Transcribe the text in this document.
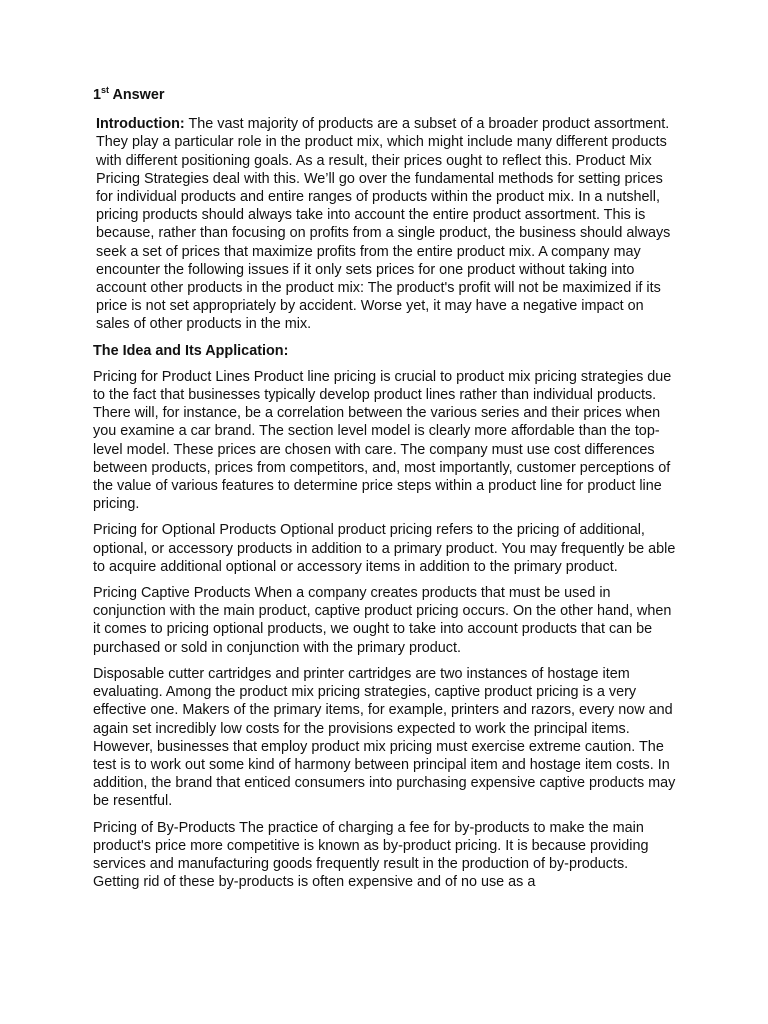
1st Answer

Introduction: The vast majority of products are a subset of a broader product assortment. They play a particular role in the product mix, which might include many different products with different positioning goals. As a result, their prices ought to reflect this. Product Mix Pricing Strategies deal with this. We’ll go over the fundamental methods for setting prices for individual products and entire ranges of products within the product mix. In a nutshell, pricing products should always take into account the entire product assortment. This is because, rather than focusing on profits from a single product, the business should always seek a set of prices that maximize profits from the entire product mix. A company may encounter the following issues if it only sets prices for one product without taking into account other products in the product mix: The product's profit will not be maximized if its price is not set appropriately by accident. Worse yet, it may have a negative impact on sales of other products in the mix.

The Idea and Its Application:

Pricing for Product Lines Product line pricing is crucial to product mix pricing strategies due to the fact that businesses typically develop product lines rather than individual products. There will, for instance, be a correlation between the various series and their prices when you examine a car brand. The section level model is clearly more affordable than the top-level model. These prices are chosen with care. The company must use cost differences between products, prices from competitors, and, most importantly, customer perceptions of the value of various features to determine price steps within a product line for product line pricing.

Pricing for Optional Products Optional product pricing refers to the pricing of additional, optional, or accessory products in addition to a primary product. You may frequently be able to acquire additional optional or accessory items in addition to the primary product.

Pricing Captive Products When a company creates products that must be used in conjunction with the main product, captive product pricing occurs. On the other hand, when it comes to pricing optional products, we ought to take into account products that can be purchased or sold in conjunction with the primary product.

Disposable cutter cartridges and printer cartridges are two instances of hostage item evaluating. Among the product mix pricing strategies, captive product pricing is a very effective one. Makers of the primary items, for example, printers and razors, every now and again set incredibly low costs for the provisions expected to work the principal items. However, businesses that employ product mix pricing must exercise extreme caution. The test is to work out some kind of harmony between principal item and hostage item costs. In addition, the brand that enticed consumers into purchasing expensive captive products may be resentful.

Pricing of By-Products The practice of charging a fee for by-products to make the main product's price more competitive is known as by-product pricing. It is because providing services and manufacturing goods frequently result in the production of by-products. Getting rid of these by-products is often expensive and of no use as a
